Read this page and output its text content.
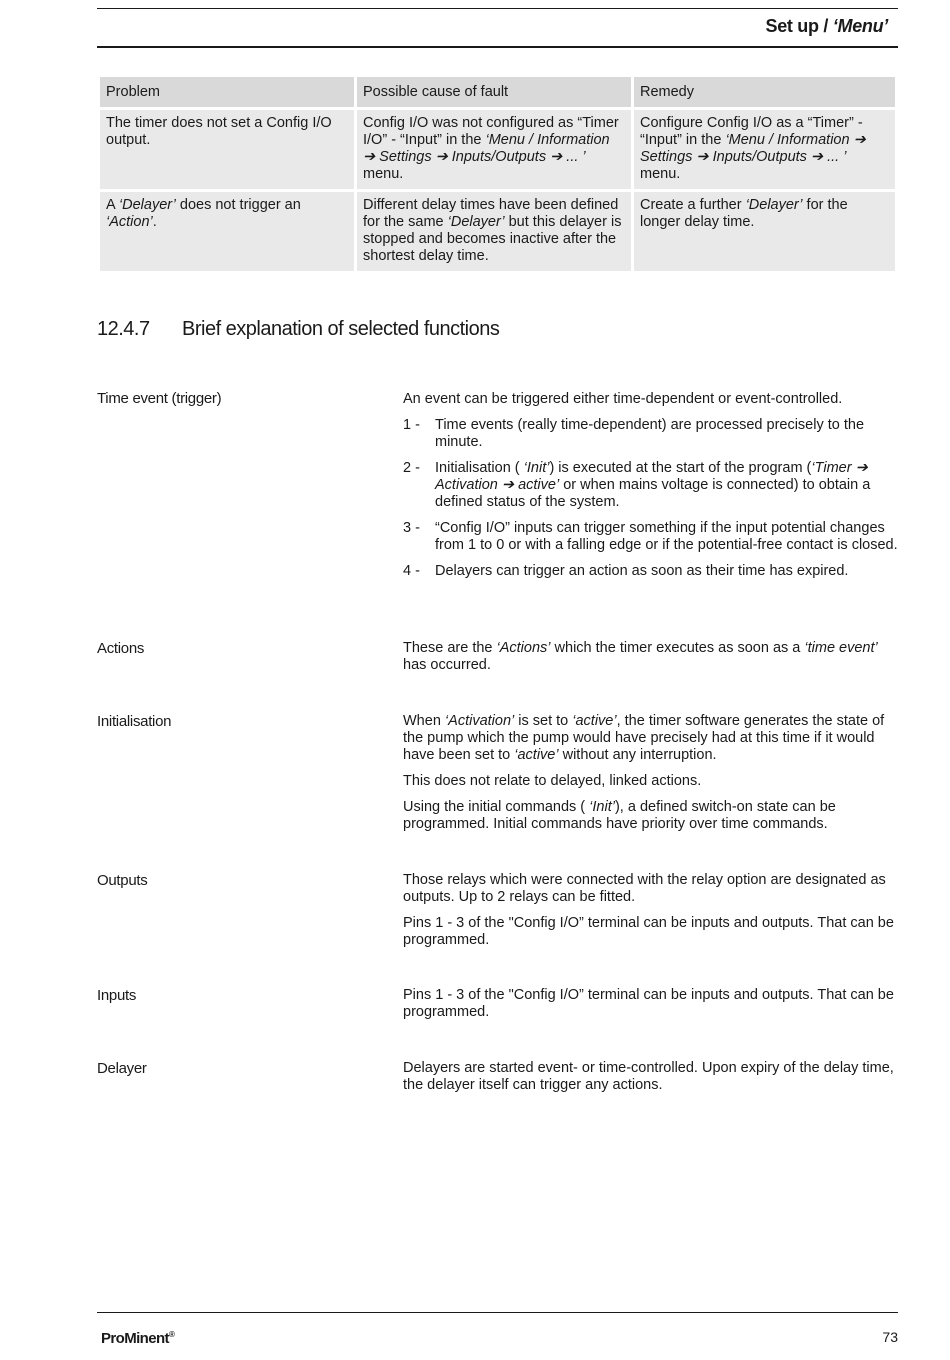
Set up / ‘Menu’
Problem	Possible cause of fault	Remedy
The timer does not set a Config I/O output.	Config I/O was not configured as “Timer I/O” - “Input” in the ‘Menu / Information ➔ Settings ➔ Inputs/Outputs ➔ ... ’ menu.	Configure Config I/O as a “Timer” - “Input” in the ‘Menu / Information ➔ Settings ➔ Inputs/Outputs ➔ ... ’ menu.
A ‘Delayer’ does not trigger an ‘Action’.	Different delay times have been defined for the same ‘Delayer’ but this delayer is stopped and becomes inactive after the shortest delay time.	Create a further ‘Delayer’ for the longer delay time.
12.4.7 Brief explanation of selected functions
Time event (trigger)	An event can be triggered either time-dependent or event-controlled.

1 - Time events (really time-dependent) are processed precisely to the minute.
2 - Initialisation ( ‘Init’) is executed at the start of the program (‘Timer ➔ Activation ➔ active’ or when mains voltage is connected) to obtain a defined status of the system.
3 - “Config I/O” inputs can trigger something if the input potential changes from 1 to 0 or with a falling edge or if the potential-free contact is closed.
4 - Delayers can trigger an action as soon as their time has expired.
Actions	These are the ‘Actions’ which the timer executes as soon as a ‘time event’ has occurred.

Initialisation	When ‘Activation’ is set to ‘active’, the timer software generates the state of the pump which the pump would have precisely had at this time if it would have been set to ‘active’ without any interruption.

This does not relate to delayed, linked actions.

Using the initial commands ( ‘Init’), a defined switch-on state can be programmed. Initial commands have priority over time commands.

Outputs	Those relays which were connected with the relay option are designated as outputs. Up to 2 relays can be fitted.

Pins 1 - 3 of the "Config I/O” terminal can be inputs and outputs. That can be programmed.

Inputs	Pins 1 - 3 of the "Config I/O” terminal can be inputs and outputs. That can be programmed.

Delayer	Delayers are started event- or time-controlled. Upon expiry of the delay time, the delayer itself can trigger any actions.

ProMinent®	73
